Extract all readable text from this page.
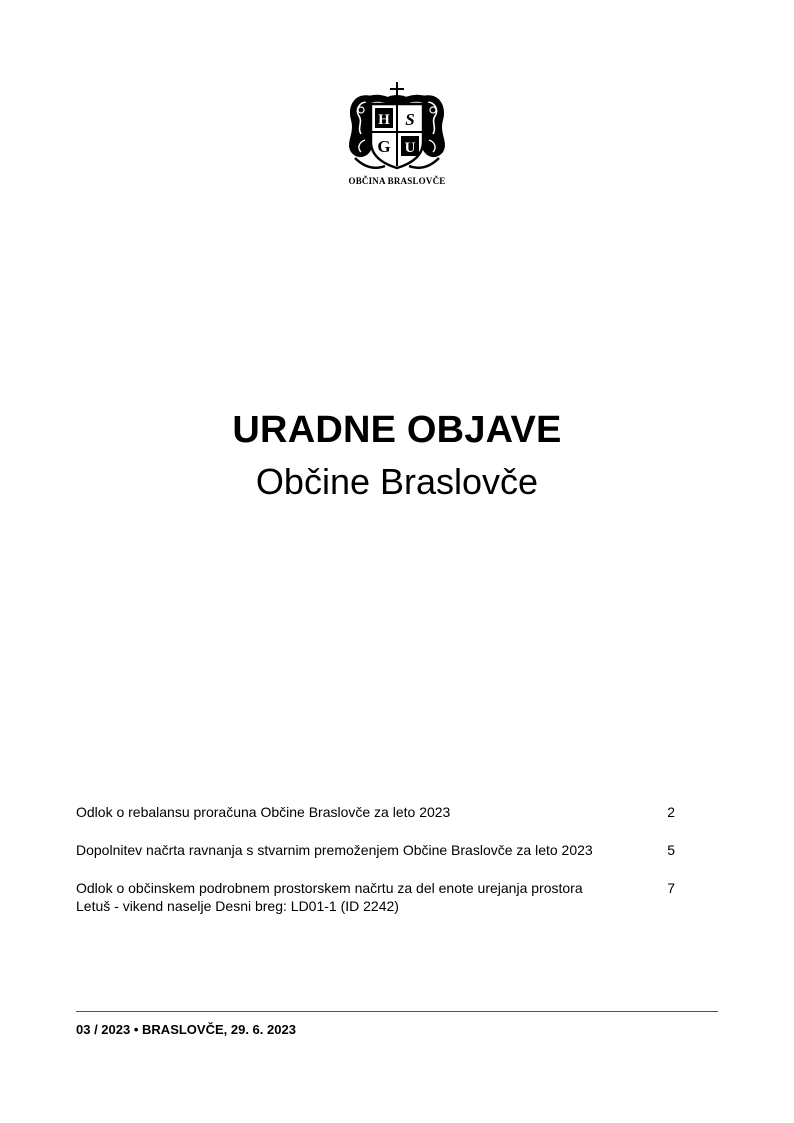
H S
G U
OBČINA BRASLOVČE
URADNE OBJAVE
Občine Braslovče
Odlok o rebalansu proračuna Občine Braslovče za leto 2023	2
Dopolnitev načrta ravnanja s stvarnim premoženjem Občine Braslovče za leto 2023	5
Odlok o občinskem podrobnem prostorskem načrtu za del enote urejanja prostora Letuš - vikend naselje Desni breg: LD01-1 (ID 2242)
7
03 / 2023 • BRASLOVČE, 29. 6. 2023
